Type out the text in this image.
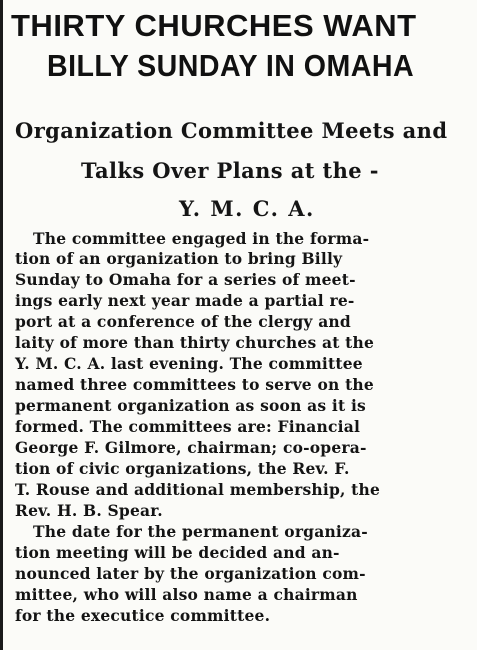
THIRTY CHURCHES WANT
BILLY SUNDAY IN OMAHA
Organization Committee Meets and
Talks Over Plans at the -
Y. M. C. A.
The committee engaged in the forma-
tion of an organization to bring Billy
Sunday to Omaha for a series of meet-
ings early next year made a partial re-
port at a conference of the clergy and
laity of more than thirty churches at the
Y. M. C. A. last evening. The committee
named three committees to serve on the
permanent organization as soon as it is
formed. The committees are: Financial
George F. Gilmore, chairman; co-opera-
tion of civic organizations, the Rev. F.
T. Rouse and additional membership, the
Rev. H. B. Spear.
The date for the permanent organiza-
tion meeting will be decided and an-
nounced later by the organization com-
mittee, who will also name a chairman
for the executice committee.
